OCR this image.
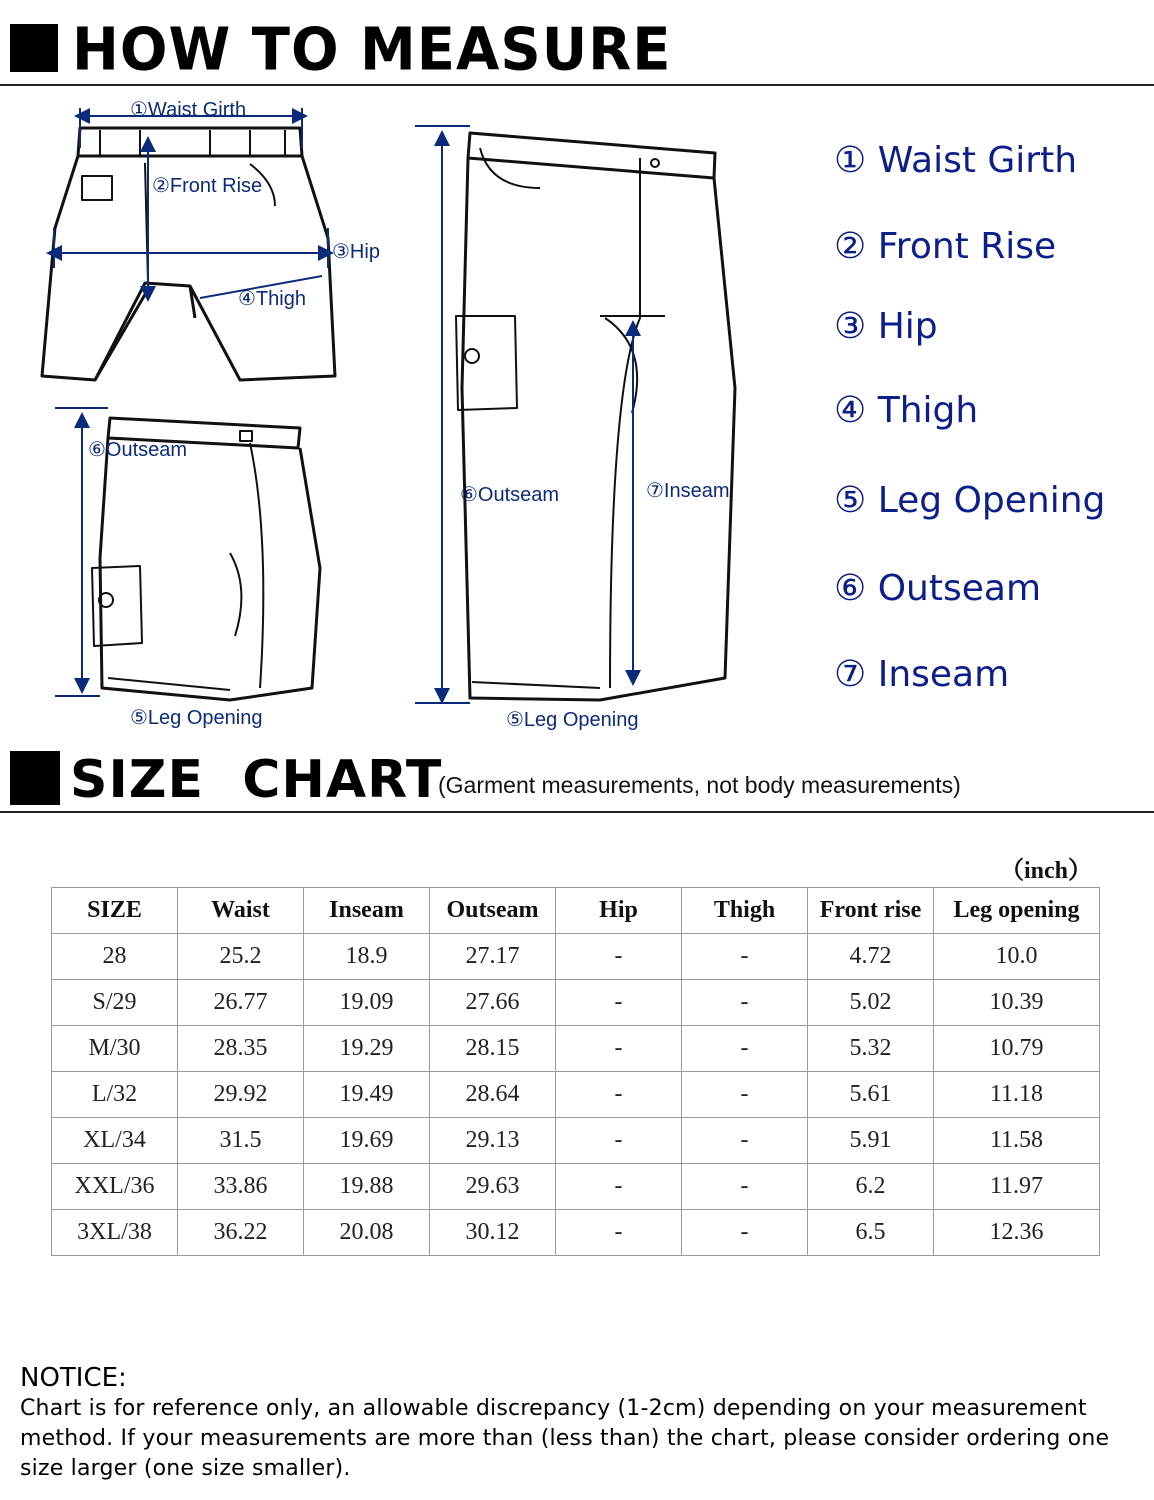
HOW TO MEASURE
①Waist Girth
②Front Rise
③Hip
④Thigh
⑥Outseam
⑤Leg Opening
⑥Outseam	⑦Inseam
⑤Leg Opening
① Waist Girth
② Front Rise
③ Hip
④ Thigh
⑤ Leg Opening
⑥ Outseam
⑦ Inseam
SIZE  CHART
(Garment measurements, not body measurements)
（inch）
SIZE	Waist	Inseam	Outseam	Hip	Thigh	Front rise	Leg opening
28	25.2	18.9	27.17	-	-	4.72	10.0
S/29	26.77	19.09	27.66	-	-	5.02	10.39
M/30	28.35	19.29	28.15	-	-	5.32	10.79
L/32	29.92	19.49	28.64	-	-	5.61	11.18
XL/34	31.5	19.69	29.13	-	-	5.91	11.58
XXL/36	33.86	19.88	29.63	-	-	6.2	11.97
3XL/38	36.22	20.08	30.12	-	-	6.5	12.36
NOTICE:
Chart is for reference only, an allowable discrepancy (1-2cm) depending on your measurement method. If your measurements are more than (less than) the chart, please consider ordering one size larger (one size smaller).
